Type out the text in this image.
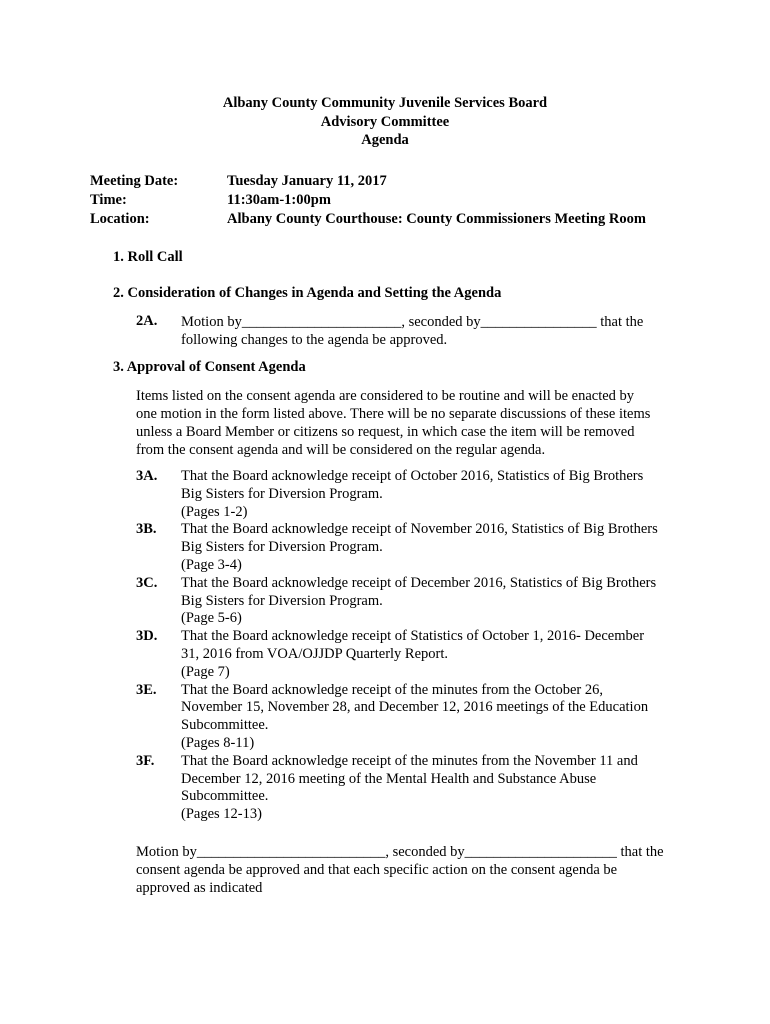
Albany County Community Juvenile Services Board
Advisory Committee
Agenda
Meeting Date:	Tuesday January 11, 2017
Time:	11:30am-1:00pm
Location:	Albany County Courthouse: County Commissioners Meeting Room
1. Roll Call
2. Consideration of Changes in Agenda and Setting the Agenda
2A. Motion by______________________, seconded by________________ that the
following changes to the agenda be approved.
3. Approval of Consent Agenda
Items listed on the consent agenda are considered to be routine and will be enacted by
one motion in the form listed above. There will be no separate discussions of these items
unless a Board Member or citizens so request, in which case the item will be removed
from the consent agenda and will be considered on the regular agenda.
3A.	That the Board acknowledge receipt of October 2016, Statistics of Big Brothers
Big Sisters for Diversion Program.
(Pages 1-2)
3B.	That the Board acknowledge receipt of November 2016, Statistics of Big Brothers
Big Sisters for Diversion Program.
(Page 3-4)
3C.	That the Board acknowledge receipt of December 2016, Statistics of Big Brothers
Big Sisters for Diversion Program.
(Page 5-6)
3D.	That the Board acknowledge receipt of Statistics of October 1, 2016- December
31, 2016 from VOA/OJJDP Quarterly Report.
(Page 7)
3E.	That the Board acknowledge receipt of the minutes from the October 26,
November 15, November 28, and December 12, 2016 meetings of the Education
Subcommittee.
(Pages 8-11)
3F.	That the Board acknowledge receipt of the minutes from the November 11 and
December 12, 2016 meeting of the Mental Health and Substance Abuse
Subcommittee.
(Pages 12-13)
Motion by__________________________, seconded by_____________________ that the
consent agenda be approved and that each specific action on the consent agenda be
approved as indicated
